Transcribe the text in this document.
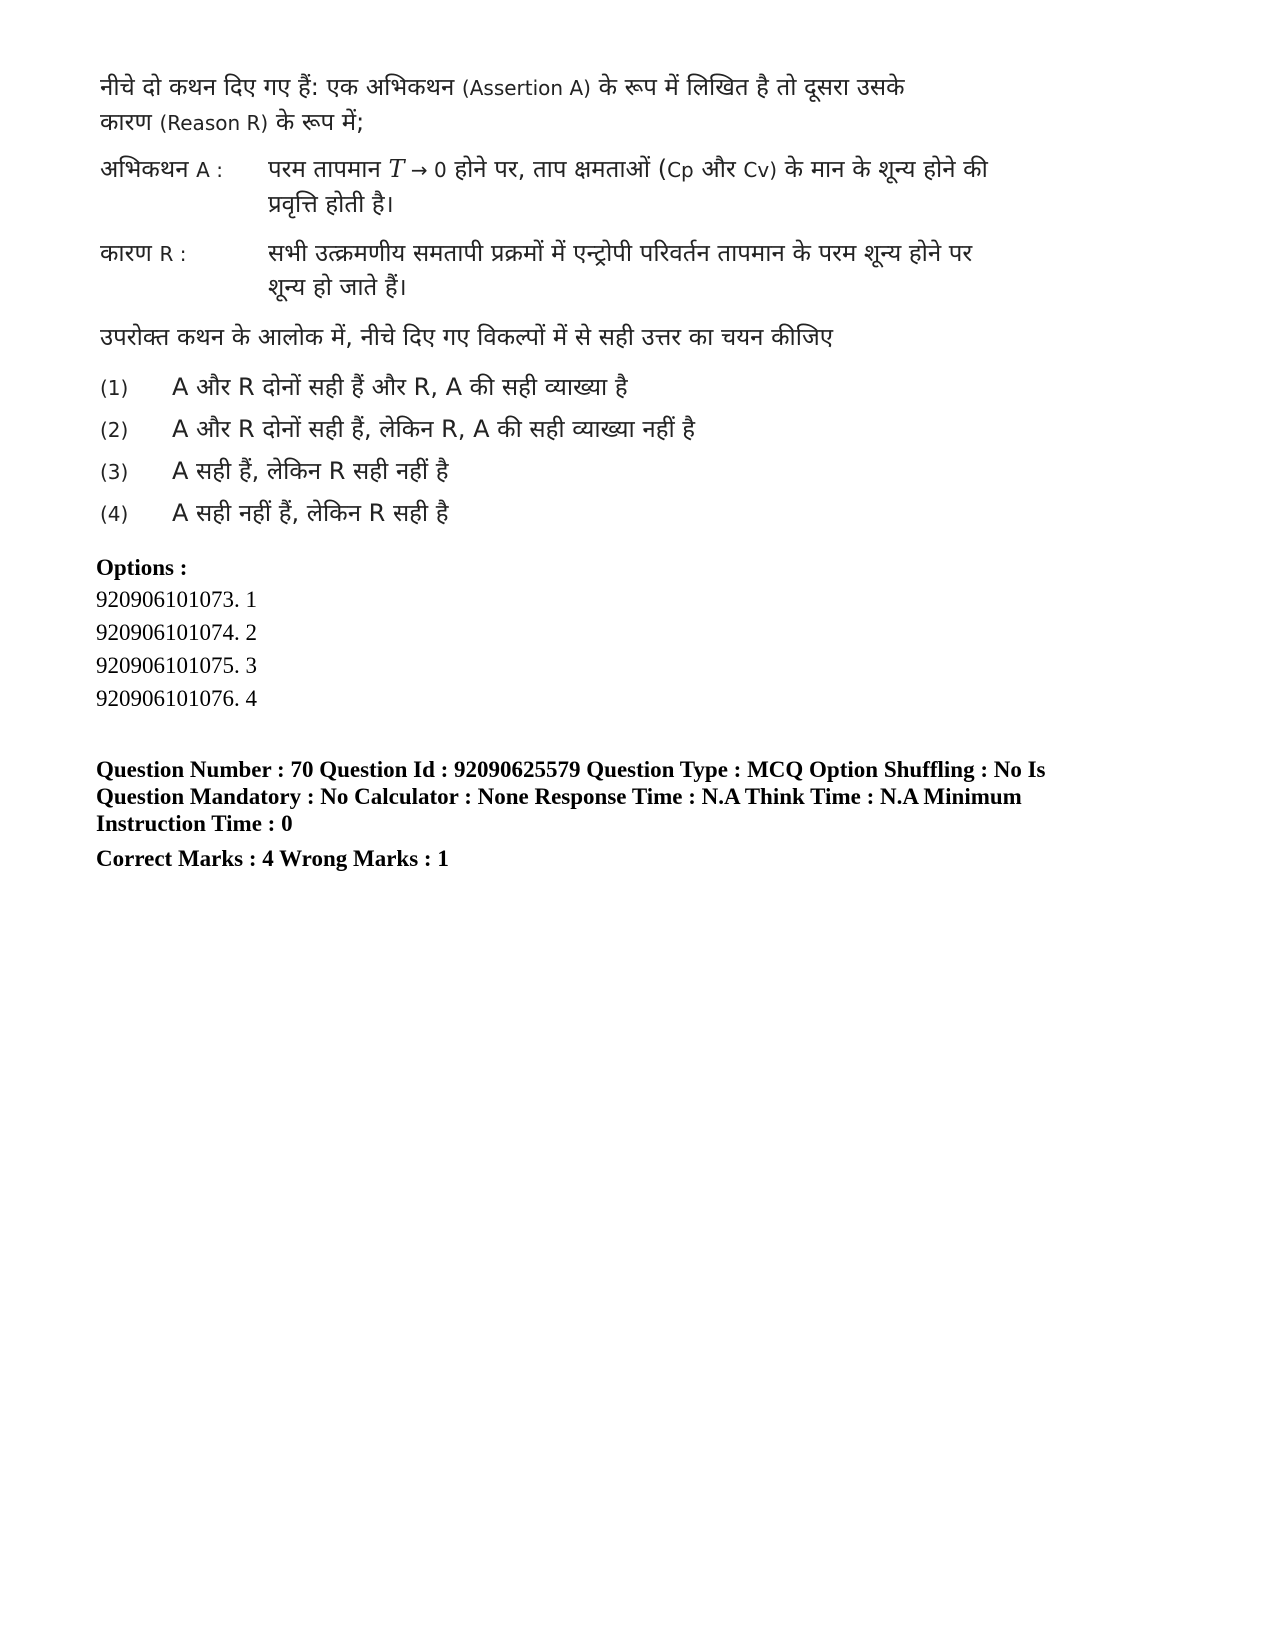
नीचे दो कथन दिए गए हैं: एक अभिकथन (Assertion A) के रूप में लिखित है तो दूसरा उसके
कारण (Reason R) के रूप में;
अभिकथन A : परम तापमान T → 0 होने पर, ताप क्षमताओं (Cp और Cv) के मान के शून्य होने की
प्रवृत्ति होती है।
कारण R :	सभी उत्क्रमणीय समतापी प्रक्रमों में एन्ट्रोपी परिवर्तन तापमान के परम शून्य होने पर
शून्य हो जाते हैं।
उपरोक्त कथन के आलोक में, नीचे दिए गए विकल्पों में से सही उत्तर का चयन कीजिए
(1) A और R दोनों सही हैं और R, A की सही व्याख्या है
(2) A और R दोनों सही हैं, लेकिन R, A की सही व्याख्या नहीं है
(3) A सही हैं, लेकिन R सही नहीं है
(4) A सही नहीं हैं, लेकिन R सही है
Options :
920906101073. 1
920906101074. 2
920906101075. 3
920906101076. 4
Question Number : 70 Question Id : 92090625579 Question Type : MCQ Option Shuffling : No Is
Question Mandatory : No Calculator : None Response Time : N.A Think Time : N.A Minimum
Instruction Time : 0
Correct Marks : 4 Wrong Marks : 1
